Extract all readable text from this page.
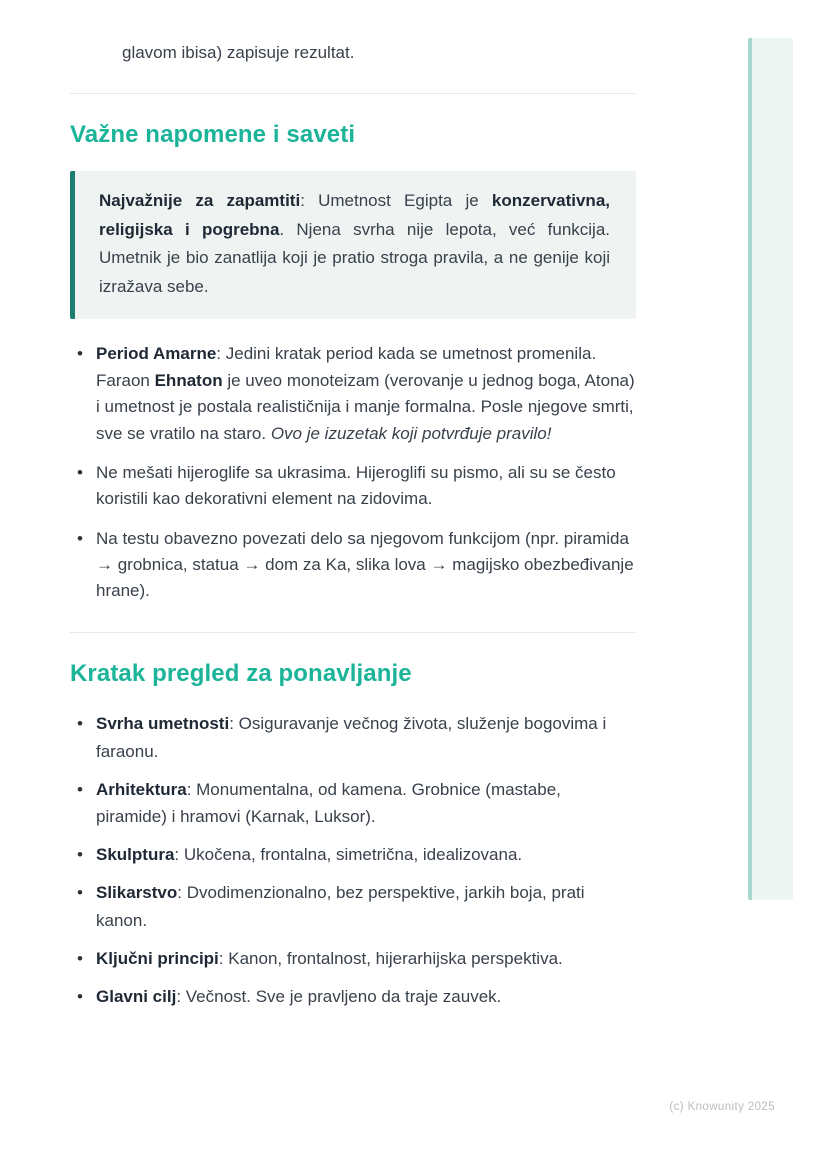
glavom ibisa) zapisuje rezultat.

Važne napomene i saveti

Najvažnije za zapamtiti: Umetnost Egipta je konzervativna, religijska i pogrebna. Njena svrha nije lepota, već funkcija. Umetnik je bio zanatlija koji je pratio stroga pravila, a ne genije koji izražava sebe.

• Period Amarne: Jedini kratak period kada se umetnost promenila. Faraon Ehnaton je uveo monoteizam (verovanje u jednog boga, Atona) i umetnost je postala realističnija i manje formalna. Posle njegove smrti, sve se vratilo na staro. Ovo je izuzetak koji potvrđuje pravilo!
• Ne mešati hijeroglife sa ukrasima. Hijeroglifi su pismo, ali su se često koristili kao dekorativni element na zidovima.
• Na testu obavezno povezati delo sa njegovom funkcijom (npr. piramida → grobnica, statua → dom za Ka, slika lova → magijsko obezbeđivanje hrane).
Kratak pregled za ponavljanje
• Svrha umetnosti: Osiguravanje večnog života, služenje bogovima i faraonu.
• Arhitektura: Monumentalna, od kamena. Grobnice (mastabe, piramide) i hramovi (Karnak, Luksor).
• Skulptura: Ukočena, frontalna, simetrična, idealizovana.
• Slikarstvo: Dvodimenzionalno, bez perspektive, jarkih boja, prati kanon.
• Ključni principi: Kanon, frontalnost, hijerarhijska perspektiva.
• Glavni cilj: Večnost. Sve je pravljeno da traje zauvek.
(c) Knowunity 2025
